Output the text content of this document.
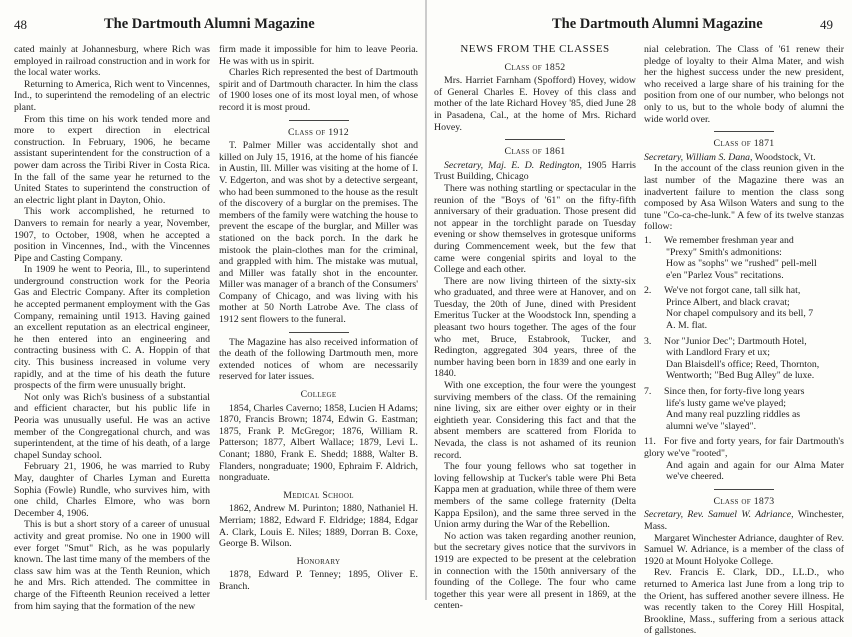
48	The Dartmouth Alumni Magazine

cated mainly at Johannesburg, where Rich was employed in railroad construction and in work for the local water works.

Returning to America, Rich went to Vincennes, Ind., to superintend the remodeling of an electric plant.

From this time on his work tended more and more to expert direction in electrical construction. In February, 1906, he became assistant superintendent for the construction of a power dam across the Tiribi River in Costa Rica. In the fall of the same year he returned to the United States to superintend the construction of an electric light plant in Dayton, Ohio.

This work accomplished, he returned to Danvers to remain for nearly a year, November, 1907, to October, 1908, when he accepted a position in Vincennes, Ind., with the Vincennes Pipe and Casting Company.

In 1909 he went to Peoria, Ill., to superintend underground construction work for the Peoria Gas and Electric Company. After its completion he accepted permanent employment with the Gas Company, remaining until 1913. Having gained an excellent reputation as an electrical engineer, he then entered into an engineering and contracting business with C. A. Hoppin of that city. This business increased in volume very rapidly, and at the time of his death the future prospects of the firm were unusually bright.

Not only was Rich's business of a substantial and efficient character, but his public life in Peoria was unusually useful. He was an active member of the Congregational church, and was superintendent, at the time of his death, of a large chapel Sunday school.

February 21, 1906, he was married to Ruby May, daughter of Charles Lyman and Euretta Sophia (Fowle) Rundle, who survives him, with one child, Charles Elmore, who was born December 4, 1906.

This is but a short story of a career of unusual activity and great promise. No one in 1900 will ever forget "Smut" Rich, as he was popularly known. The last time many of the members of the class saw him was at the Tenth Reunion, which he and Mrs. Rich attended. The committee in charge of the Fifteenth Reunion received a letter from him saying that the formation of the new

firm made it impossible for him to leave Peoria. He was with us in spirit.

Charles Rich represented the best of Dartmouth spirit and of Dartmouth character. In him the class of 1900 loses one of its most loyal men, of whose record it is most proud.

Class of 1912

T. Palmer Miller was accidentally shot and killed on July 15, 1916, at the home of his fiancée in Austin, Ill. Miller was visiting at the home of I. V. Edgerton, and was shot by a detective sergeant, who had been summoned to the house as the result of the discovery of a burglar on the premises. The members of the family were watching the house to prevent the escape of the burglar, and Miller was stationed on the back porch. In the dark he mistook the plain-clothes man for the criminal, and grappled with him. The mistake was mutual, and Miller was fatally shot in the encounter. Miller was manager of a branch of the Consumers' Company of Chicago, and was living with his mother at 50 North Latrobe Ave. The class of 1912 sent flowers to the funeral.

The Magazine has also received information of the death of the following Dartmouth men, more extended notices of whom are necessarily reserved for later issues.

College

1854, Charles Caverno; 1858, Lucien H Adams; 1870, Francis Brown; 1874, Edwin G. Eastman; 1875, Frank P. McGregor; 1876, William R. Patterson; 1877, Albert Wallace; 1879, Levi L. Conant; 1880, Frank E. Shedd; 1888, Walter B. Flanders, nongraduate; 1900, Ephraim F. Aldrich, nongraduate.

Medical School

1862, Andrew M. Purinton; 1880, Nathaniel H. Merriam; 1882, Edward F. Eldridge; 1884, Edgar A. Clark, Louis E. Niles; 1889, Dorran B. Coxe, George B. Wilson.

Honorary

1878, Edward P. Tenney; 1895, Oliver E. Branch.

The Dartmouth Alumni Magazine	49
NEWS FROM THE CLASSES
Class of 1852

Mrs. Harriet Farnham (Spofford) Hovey, widow of General Charles E. Hovey of this class and mother of the late Richard Hovey '85, died June 28 in Pasadena, Cal., at the home of Mrs. Richard Hovey.

Class of 1861

Secretary, Maj. E. D. Redington, 1905 Harris Trust Building, Chicago

There was nothing startling or spectacular in the reunion of the "Boys of '61" on the fifty-fifth anniversary of their graduation. Those present did not appear in the torchlight parade on Tuesday evening or show themselves in grotesque uniforms during Commencement week, but the few that came were congenial spirits and loyal to the College and each other.

There are now living thirteen of the sixty-six who graduated, and three were at Hanover, and on Tuesday, the 20th of June, dined with President Emeritus Tucker at the Woodstock Inn, spending a pleasant two hours together. The ages of the four who met, Bruce, Estabrook, Tucker, and Redington, aggregated 304 years, three of the number having been born in 1839 and one early in 1840.

With one exception, the four were the youngest surviving members of the class. Of the remaining nine living, six are either over eighty or in their eightieth year. Considering this fact and that the absent members are scattered from Florida to Nevada, the class is not ashamed of its reunion record.

The four young fellows who sat together in loving fellowship at Tucker's table were Phi Beta Kappa men at graduation, while three of them were members of the same college fraternity (Delta Kappa Epsilon), and the same three served in the Union army during the War of the Rebellion.

No action was taken regarding another reunion, but the secretary gives notice that the survivors in 1919 are expected to be present at the celebration in connection with the 150th anniversary of the founding of the College. The four who came together this year were all present in 1869, at the centen-

nial celebration. The Class of '61 renew their pledge of loyalty to their Alma Mater, and wish her the highest success under the new president, who received a large share of his training for the position from one of our number, who belongs not only to us, but to the whole body of alumni the wide world over.

Class of 1871

Secretary, William S. Dana, Woodstock, Vt.

In the account of the class reunion given in the last number of the Magazine there was an inadvertent failure to mention the class song composed by Asa Wilson Waters and sung to the tune "Co-ca-che-lunk." A few of its twelve stanzas follow:

1. We remember freshman year and
"Prexy" Smith's admonitions:
How as "sophs" we "rushed" pell-mell
e'en "Parlez Vous" recitations.
2. We've not forgot cane, tall silk hat,
Prince Albert, and black cravat;
Nor chapel compulsory and its bell, 7
A. M. flat.
3. Nor "Junior Dec"; Dartmouth Hotel,
with Landlord Frary et ux;
Dan Blaisdell's office; Reed, Thornton,
Wentworth; "Bed Bug Alley" de luxe.
7. Since then, for forty-five long years
life's lusty game we've played;
And many real puzzling riddles as
alumni we've "slayed".
11. For five and forty years, for fair Dartmouth's glory we've "rooted",
And again and again for our Alma Mater we've cheered.
Class of 1873

Secretary, Rev. Samuel W. Adriance, Winchester, Mass.

Margaret Winchester Adriance, daughter of Rev. Samuel W. Adriance, is a member of the class of 1920 at Mount Holyoke College.

Rev. Francis E. Clark, DD., LL.D., who returned to America last June from a long trip to the Orient, has suffered another severe illness. He was recently taken to the Corey Hill Hospital, Brookline, Mass., suffering from a serious attack of gallstones.
